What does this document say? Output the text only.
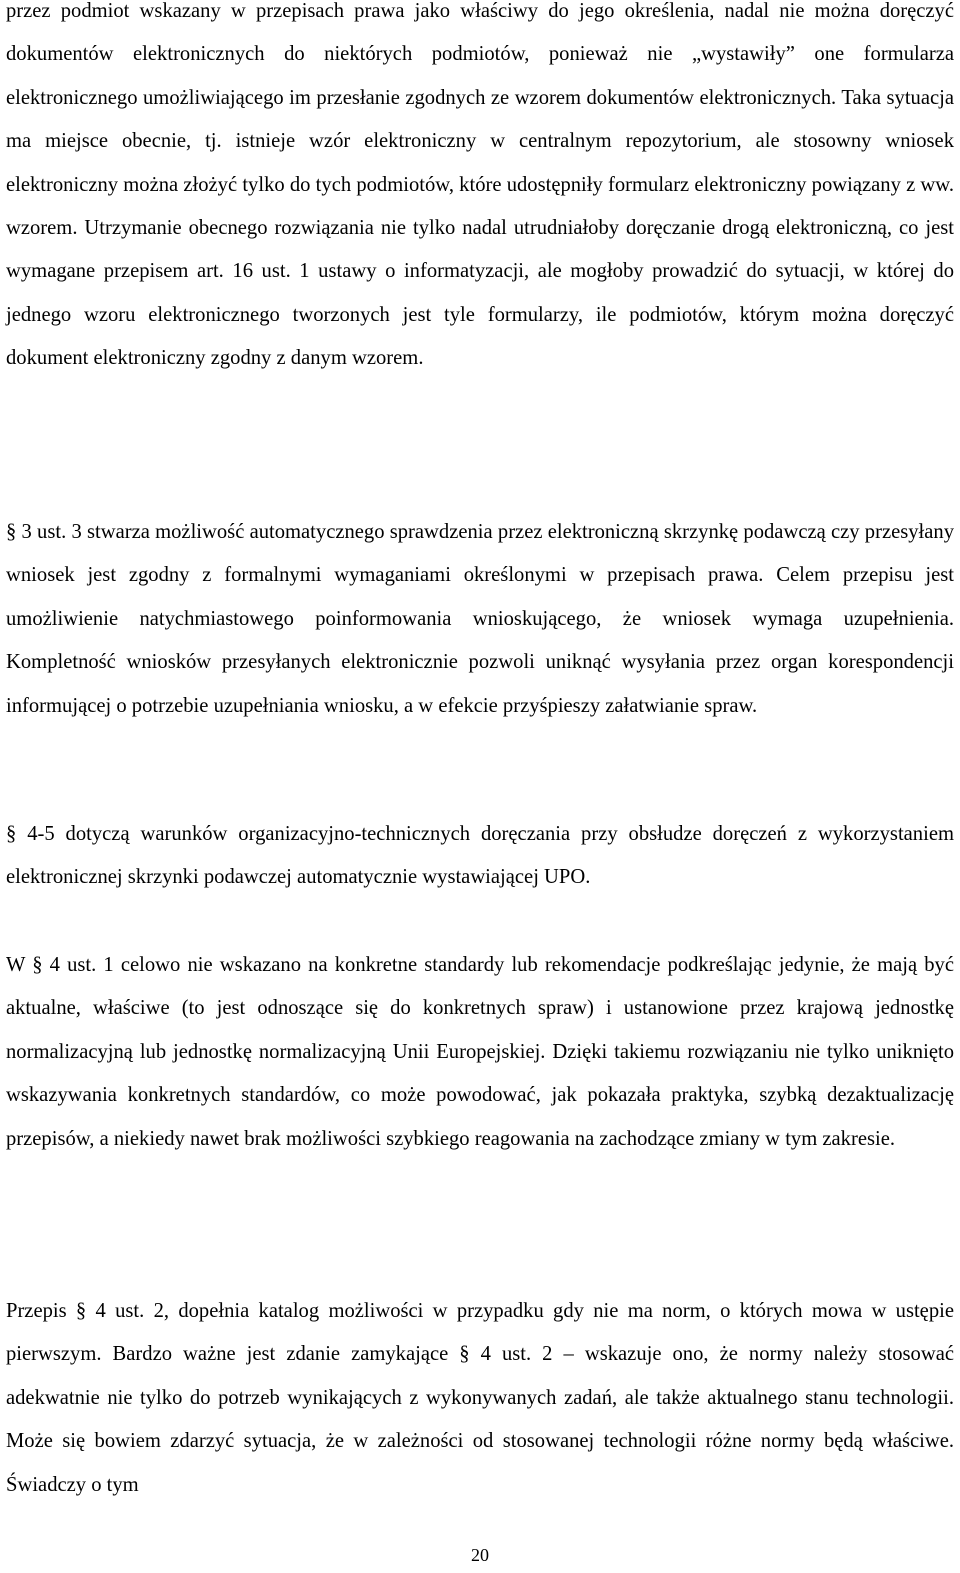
przez podmiot wskazany w przepisach prawa jako właściwy do jego określenia, nadal nie można doręczyć dokumentów elektronicznych do niektórych podmiotów, ponieważ nie „wystawiły” one formularza elektronicznego umożliwiającego im przesłanie zgodnych ze wzorem dokumentów elektronicznych. Taka sytuacja ma miejsce obecnie, tj. istnieje wzór elektroniczny w centralnym repozytorium, ale stosowny wniosek elektroniczny można złożyć tylko do tych podmiotów, które udostępniły formularz elektroniczny powiązany z ww. wzorem. Utrzymanie obecnego rozwiązania nie tylko nadal utrudniałoby doręczanie drogą elektroniczną, co jest wymagane przepisem art. 16 ust. 1 ustawy o informatyzacji, ale mogłoby prowadzić do sytuacji, w której do jednego wzoru elektronicznego tworzonych jest tyle formularzy, ile podmiotów, którym można doręczyć dokument elektroniczny zgodny z danym wzorem.

§ 3 ust. 3 stwarza możliwość automatycznego sprawdzenia przez elektroniczną skrzynkę podawczą czy przesyłany wniosek jest zgodny z formalnymi wymaganiami określonymi w przepisach prawa. Celem przepisu jest umożliwienie natychmiastowego poinformowania wnioskującego, że wniosek wymaga uzupełnienia. Kompletność wniosków przesyłanych elektronicznie pozwoli uniknąć wysyłania przez organ korespondencji informującej o potrzebie uzupełniania wniosku, a w efekcie przyśpieszy załatwianie spraw.

§ 4-5 dotyczą warunków organizacyjno-technicznych doręczania przy obsłudze doręczeń z wykorzystaniem elektronicznej skrzynki podawczej automatycznie wystawiającej UPO.

W § 4 ust. 1 celowo nie wskazano na konkretne standardy lub rekomendacje podkreślając jedynie, że mają być aktualne, właściwe (to jest odnoszące się do konkretnych spraw) i ustanowione przez krajową jednostkę normalizacyjną lub jednostkę normalizacyjną Unii Europejskiej. Dzięki takiemu rozwiązaniu nie tylko uniknięto wskazywania konkretnych standardów, co może powodować, jak pokazała praktyka, szybką dezaktualizację przepisów, a niekiedy nawet brak możliwości szybkiego reagowania na zachodzące zmiany w tym zakresie.

Przepis § 4 ust. 2, dopełnia katalog możliwości w przypadku gdy nie ma norm, o których mowa w ustępie pierwszym. Bardzo ważne jest zdanie zamykające § 4 ust. 2 – wskazuje ono, że normy należy stosować adekwatnie nie tylko do potrzeb wynikających z wykonywanych zadań, ale także aktualnego stanu technologii. Może się bowiem zdarzyć sytuacja, że w zależności od stosowanej technologii różne normy będą właściwe. Świadczy o tym

20
